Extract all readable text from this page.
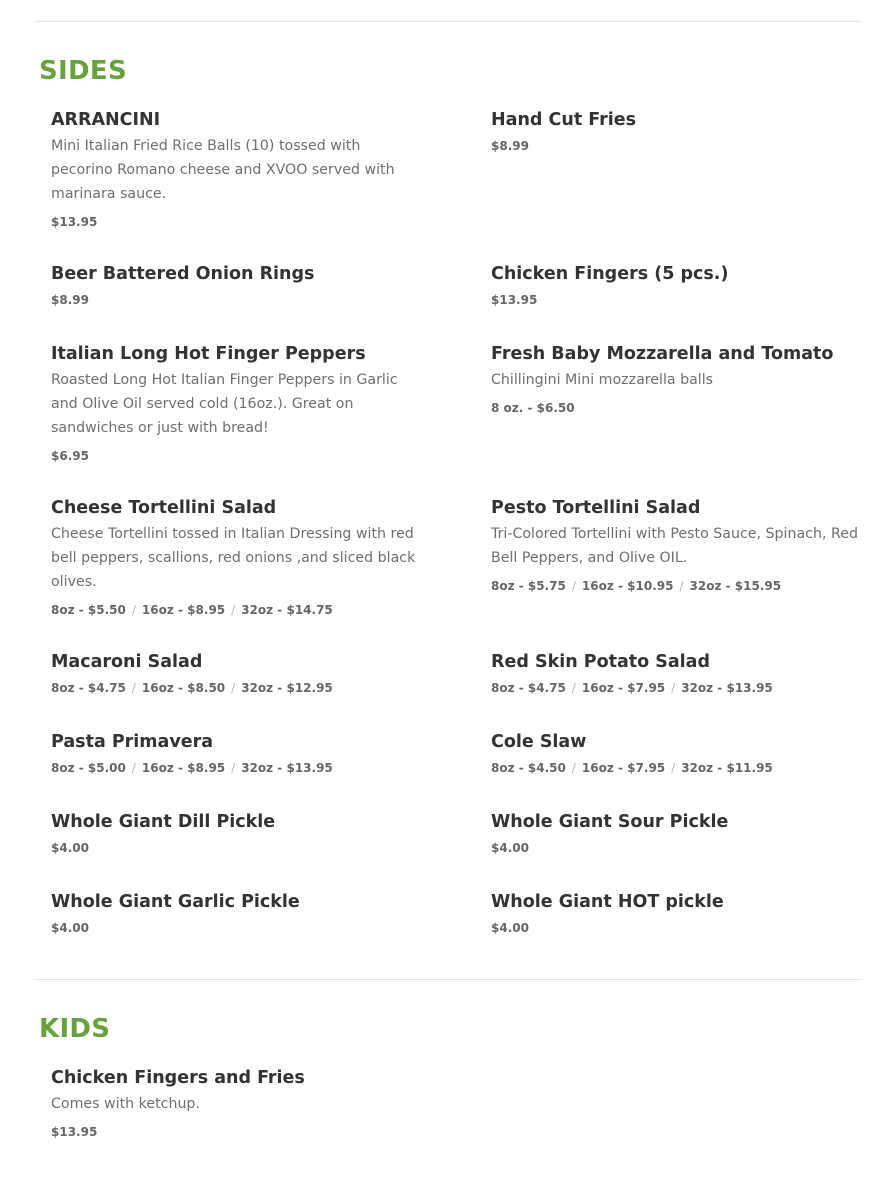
SIDES
ARRANCINI
Mini Italian Fried Rice Balls (10) tossed with pecorino Romano cheese and XVOO served with marinara sauce.
$13.95
Hand Cut Fries
$8.99
Beer Battered Onion Rings
$8.99
Chicken Fingers (5 pcs.)
$13.95
Italian Long Hot Finger Peppers
Roasted Long Hot Italian Finger Peppers in Garlic and Olive Oil served cold (16oz.). Great on sandwiches or just with bread!
$6.95
Fresh Baby Mozzarella and Tomato
Chillingini Mini mozzarella balls
8 oz. - $6.50
Cheese Tortellini Salad
Cheese Tortellini tossed in Italian Dressing with red bell peppers, scallions, red onions ,and sliced black olives.
8oz - $5.50 / 16oz - $8.95 / 32oz - $14.75
Pesto Tortellini Salad
Tri-Colored Tortellini with Pesto Sauce, Spinach, Red Bell Peppers, and Olive OIL.
8oz - $5.75 / 16oz - $10.95 / 32oz - $15.95
Macaroni Salad
8oz - $4.75 / 16oz - $8.50 / 32oz - $12.95
Red Skin Potato Salad
8oz - $4.75 / 16oz - $7.95 / 32oz - $13.95
Pasta Primavera
8oz - $5.00 / 16oz - $8.95 / 32oz - $13.95
Cole Slaw
8oz - $4.50 / 16oz - $7.95 / 32oz - $11.95
Whole Giant Dill Pickle
$4.00
Whole Giant Sour Pickle
$4.00
Whole Giant Garlic Pickle
$4.00
Whole Giant HOT pickle
$4.00
KIDS
Chicken Fingers and Fries
Comes with ketchup.
$13.95
